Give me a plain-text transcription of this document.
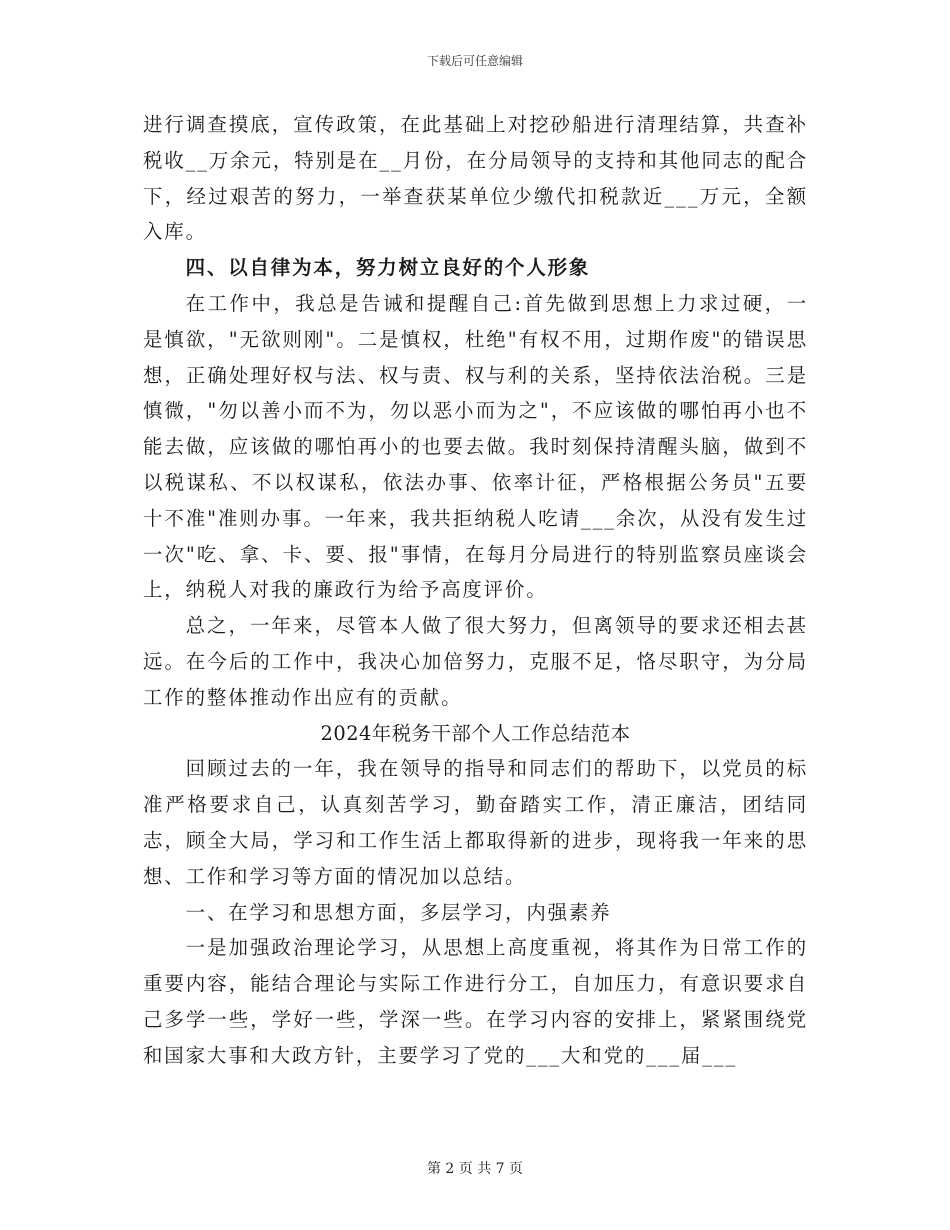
下载后可任意编辑

进行调查摸底，宣传政策，在此基础上对挖砂船进行清理结算，共查补税收__万余元，特别是在__月份，在分局领导的支持和其他同志的配合下，经过艰苦的努力，一举查获某单位少缴代扣税款近___万元，全额入库。

四、以自律为本，努力树立良好的个人形象

在工作中，我总是告诫和提醒自己:首先做到思想上力求过硬，一是慎欲，"无欲则刚"。二是慎权，杜绝"有权不用，过期作废"的错误思想，正确处理好权与法、权与责、权与利的关系，坚持依法治税。三是慎微，"勿以善小而不为，勿以恶小而为之"，不应该做的哪怕再小也不能去做，应该做的哪怕再小的也要去做。我时刻保持清醒头脑，做到不以税谋私、不以权谋私，依法办事、依率计征，严格根据公务员"五要十不准"准则办事。一年来，我共拒纳税人吃请___余次，从没有发生过一次"吃、拿、卡、要、报"事情，在每月分局进行的特别监察员座谈会上，纳税人对我的廉政行为给予高度评价。

总之，一年来，尽管本人做了很大努力，但离领导的要求还相去甚远。在今后的工作中，我决心加倍努力，克服不足，恪尽职守，为分局工作的整体推动作出应有的贡献。

2024年税务干部个人工作总结范本

回顾过去的一年，我在领导的指导和同志们的帮助下，以党员的标准严格要求自己，认真刻苦学习，勤奋踏实工作，清正廉洁，团结同志，顾全大局，学习和工作生活上都取得新的进步，现将我一年来的思想、工作和学习等方面的情况加以总结。

一、在学习和思想方面，多层学习，内强素养

一是加强政治理论学习，从思想上高度重视，将其作为日常工作的重要内容，能结合理论与实际工作进行分工，自加压力，有意识要求自己多学一些，学好一些，学深一些。在学习内容的安排上，紧紧围绕党和国家大事和大政方针，主要学习了党的___大和党的___届___

第 2 页 共 7 页
